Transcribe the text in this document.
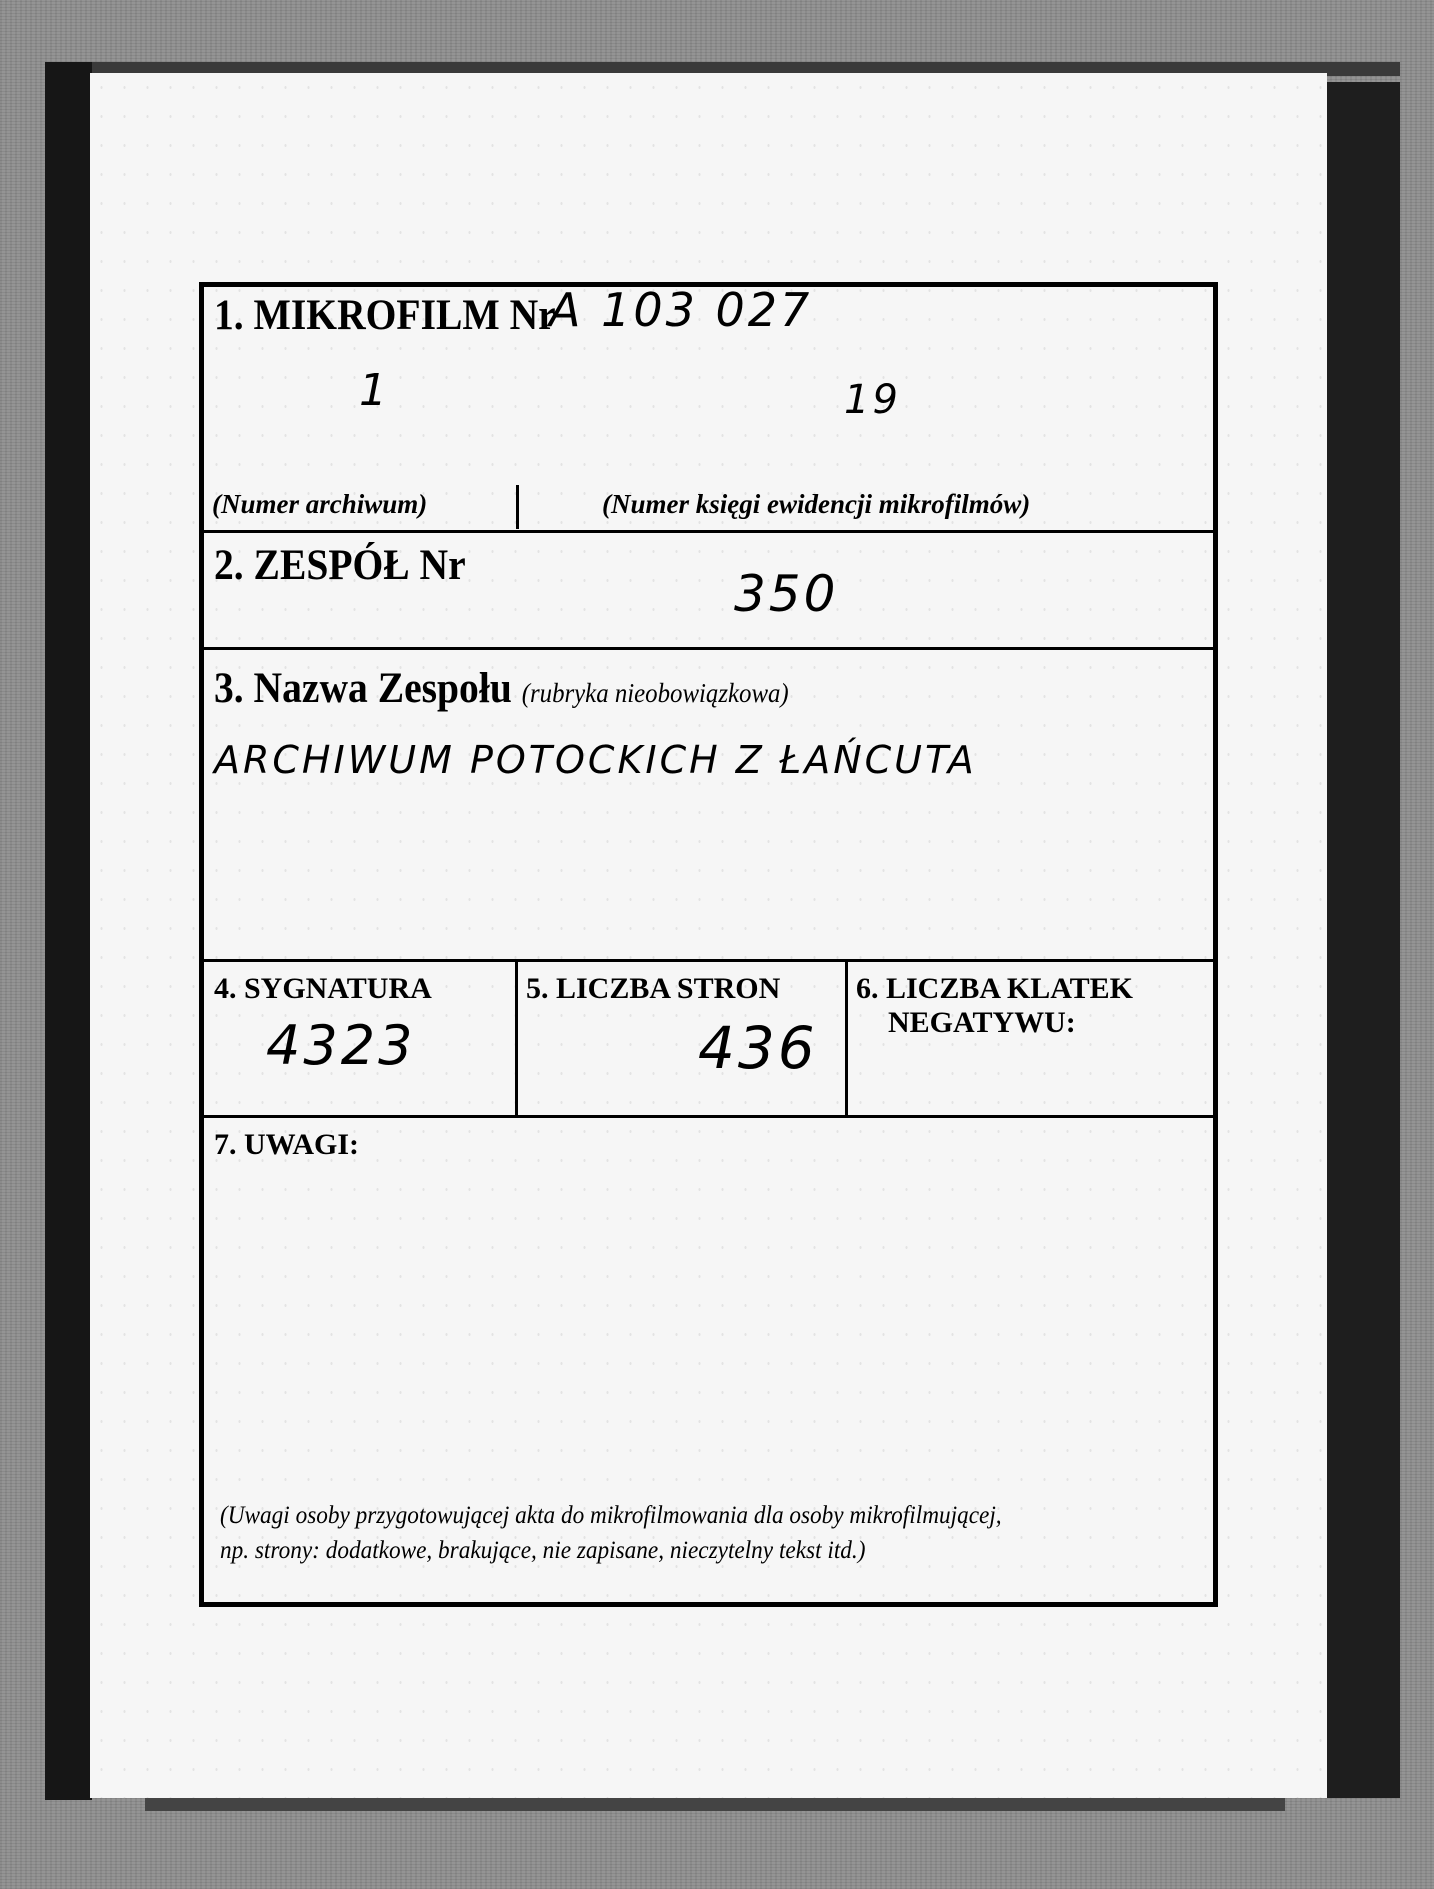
1. MIKROFILM Nr
A 103 027
1	19
(Numer archiwum)	(Numer księgi ewidencji mikrofilmów)
2. ZESPÓŁ Nr	350
3. Nazwa Zespołu (rubryka nieobowiązkowa)
ARCHIWUM POTOCKICH Z ŁAŃCUTA
4. SYGNATURA
4323
5. LICZBA STRON
436
6. LICZBA KLATEK
NEGATYWU:
7. UWAGI:
(Uwagi osoby przygotowującej akta do mikrofilmowania dla osoby mikrofilmującej,
np. strony: dodatkowe, brakujące, nie zapisane, nieczytelny tekst itd.)
